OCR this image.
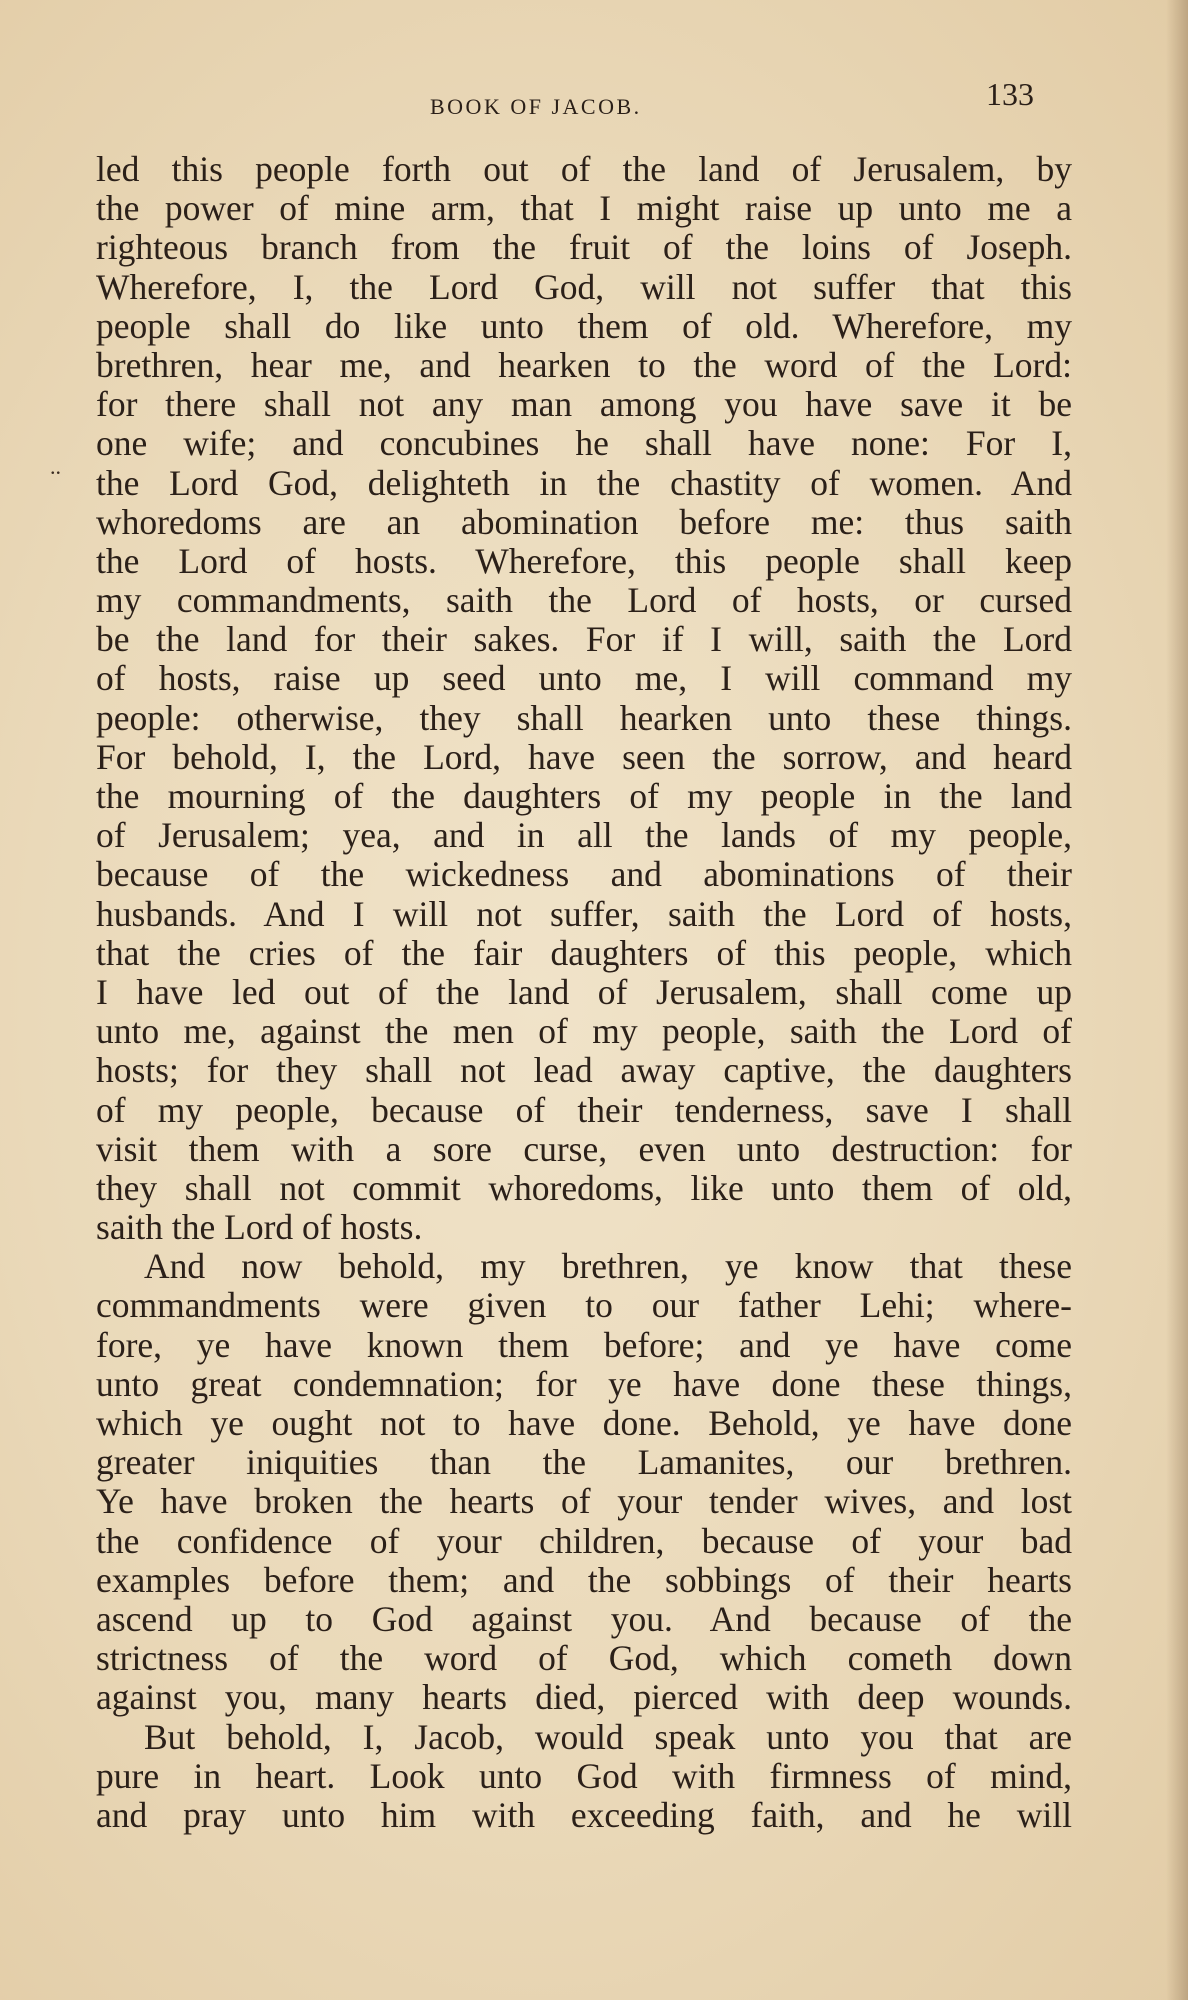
BOOK OF JACOB.	133
..
led this people forth out of the land of Jerusalem, by
the power of mine arm, that I might raise up unto me a
righteous branch from the fruit of the loins of Joseph.
Wherefore, I, the Lord God, will not suffer that this
people shall do like unto them of old. Wherefore, my
brethren, hear me, and hearken to the word of the Lord:
for there shall not any man among you have save it be
one wife; and concubines he shall have none: For I,
the Lord God, delighteth in the chastity of women. And
whoredoms are an abomination before me: thus saith
the Lord of hosts. Wherefore, this people shall keep
my commandments, saith the Lord of hosts, or cursed
be the land for their sakes. For if I will, saith the Lord
of hosts, raise up seed unto me, I will command my
people: otherwise, they shall hearken unto these things.
For behold, I, the Lord, have seen the sorrow, and heard
the mourning of the daughters of my people in the land
of Jerusalem; yea, and in all the lands of my people,
because of the wickedness and abominations of their
husbands. And I will not suffer, saith the Lord of hosts,
that the cries of the fair daughters of this people, which
I have led out of the land of Jerusalem, shall come up
unto me, against the men of my people, saith the Lord of
hosts; for they shall not lead away captive, the daughters
of my people, because of their tenderness, save I shall
visit them with a sore curse, even unto destruction: for
they shall not commit whoredoms, like unto them of old,
saith the Lord of hosts.
And now behold, my brethren, ye know that these
commandments were given to our father Lehi; where-
fore, ye have known them before; and ye have come
unto great condemnation; for ye have done these things,
which ye ought not to have done. Behold, ye have done
greater iniquities than the Lamanites, our brethren.
Ye have broken the hearts of your tender wives, and lost
the confidence of your children, because of your bad
examples before them; and the sobbings of their hearts
ascend up to God against you. And because of the
strictness of the word of God, which cometh down
against you, many hearts died, pierced with deep wounds.
But behold, I, Jacob, would speak unto you that are
pure in heart. Look unto God with firmness of mind,
and pray unto him with exceeding faith, and he will
